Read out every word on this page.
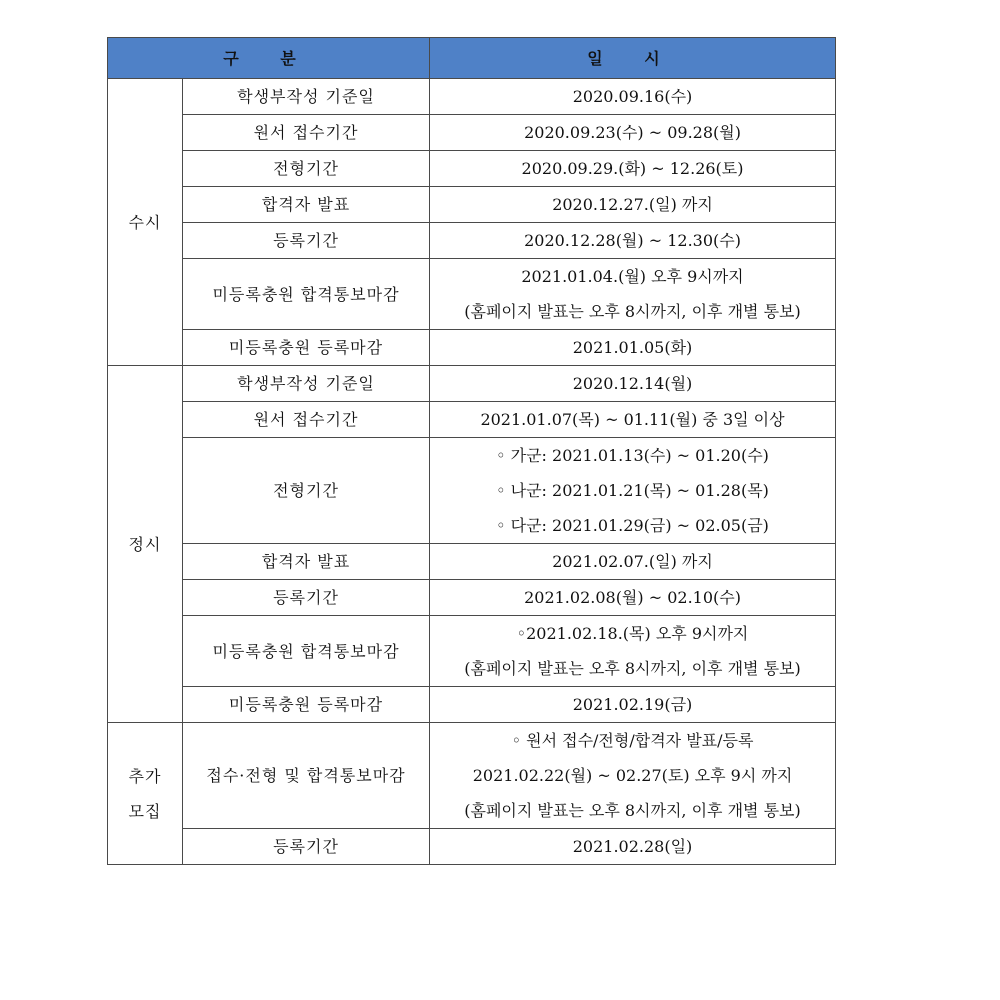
구 분		일 시
수시	학생부작성 기준일	2020.09.16(수)

	원서 접수기간	2020.09.23(수) ~ 09.28(월)

	전형기간	2020.09.29.(화) ~ 12.26(토)

	합격자 발표	2020.12.27.(일) 까지

	등록기간	2020.12.28(월) ~ 12.30(수)

	미등록충원 합격통보마감	2021.01.04.(월) 오후 9시까지
(홈페이지 발표는 오후 8시까지, 이후 개별 통보)

	미등록충원 등록마감	2021.01.05(화)

정시	학생부작성 기준일	2020.12.14(월)

	원서 접수기간	2021.01.07(목) ~ 01.11(월) 중 3일 이상

	전형기간	◦ 가군: 2021.01.13(수) ~ 01.20(수)
◦ 나군: 2021.01.21(목) ~ 01.28(목)
◦ 다군: 2021.01.29(금) ~ 02.05(금)

	합격자 발표	2021.02.07.(일) 까지

	등록기간	2021.02.08(월) ~ 02.10(수)

	미등록충원 합격통보마감	◦2021.02.18.(목) 오후 9시까지
(홈페이지 발표는 오후 8시까지, 이후 개별 통보)

	미등록충원 등록마감	2021.02.19(금)

추가
모집	접수·전형 및 합격통보마감	◦ 원서 접수/전형/합격자 발표/등록
2021.02.22(월) ~ 02.27(토) 오후 9시 까지
(홈페이지 발표는 오후 8시까지, 이후 개별 통보)

	등록기간	2021.02.28(일)
